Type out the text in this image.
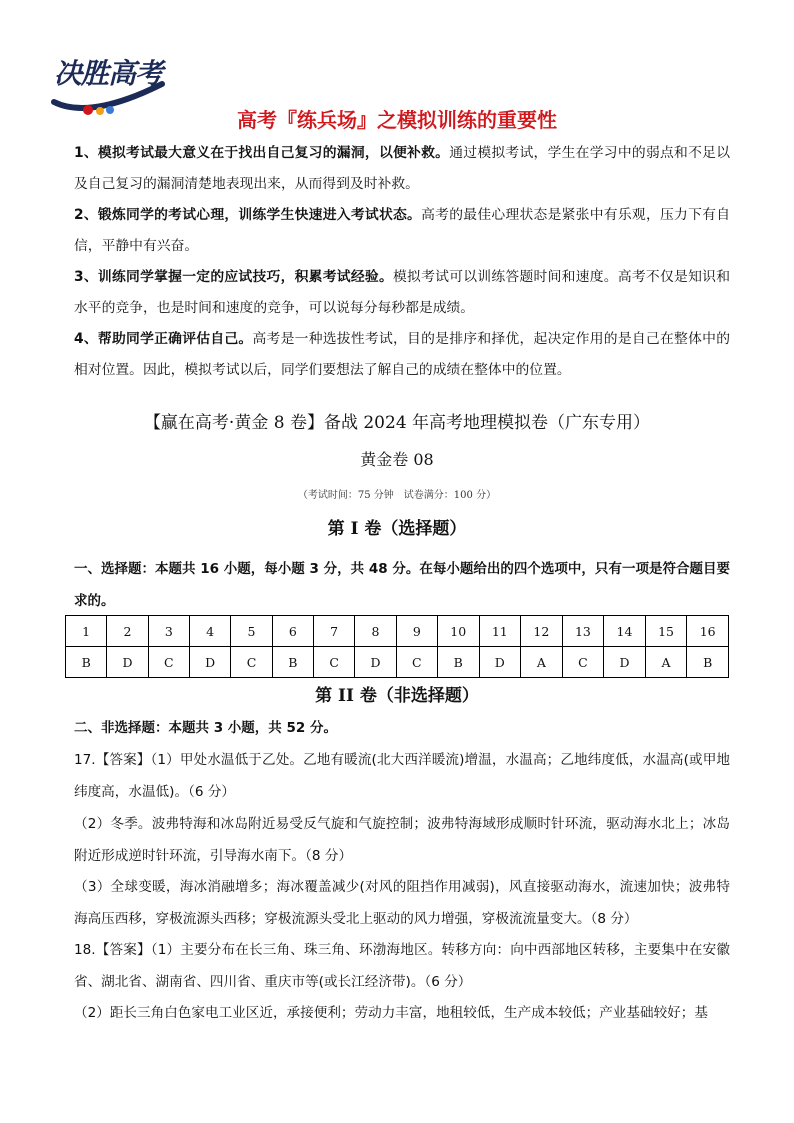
决胜高考
高考『练兵场』之模拟训练的重要性
1、模拟考试最大意义在于找出自己复习的漏洞，以便补救。通过模拟考试，学生在学习中的弱点和不足以及自己复习的漏洞清楚地表现出来，从而得到及时补救。
2、锻炼同学的考试心理，训练学生快速进入考试状态。高考的最佳心理状态是紧张中有乐观，压力下有自信，平静中有兴奋。
3、训练同学掌握一定的应试技巧，积累考试经验。模拟考试可以训练答题时间和速度。高考不仅是知识和水平的竞争，也是时间和速度的竞争，可以说每分每秒都是成绩。
4、帮助同学正确评估自己。高考是一种选拔性考试，目的是排序和择优，起决定作用的是自己在整体中的相对位置。因此，模拟考试以后，同学们要想法了解自己的成绩在整体中的位置。
【赢在高考·黄金 8 卷】备战 2024 年高考地理模拟卷（广东专用）
黄金卷 08
（考试时间：75 分钟　试卷满分：100 分）
第 I 卷（选择题）
一、选择题：本题共 16 小题，每小题 3 分，共 48 分。在每小题给出的四个选项中，只有一项是符合题目要求的。
1	2	3	4	5	6	7	8	9	10	11	12	13	14	15	16
B	D	C	D	C	B	C	D	C	B	D	A	C	D	A	B
第 II 卷（非选择题）
二、非选择题：本题共 3 小题，共 52 分。
17.【答案】（1）甲处水温低于乙处。乙地有暖流(北大西洋暖流)增温，水温高；乙地纬度低，水温高(或甲地纬度高，水温低)。（6 分）
（2）冬季。波弗特海和冰岛附近易受反气旋和气旋控制；波弗特海域形成顺时针环流，驱动海水北上；冰岛附近形成逆时针环流，引导海水南下。（8 分）
（3）全球变暖，海冰消融增多；海冰覆盖减少(对风的阻挡作用减弱)，风直接驱动海水，流速加快；波弗特海高压西移，穿极流源头西移；穿极流源头受北上驱动的风力增强，穿极流流量变大。（8 分）
18.【答案】（1）主要分布在长三角、珠三角、环渤海地区。转移方向：向中西部地区转移，主要集中在安徽省、湖北省、湖南省、四川省、重庆市等(或长江经济带)。（6 分）
（2）距长三角白色家电工业区近，承接便利；劳动力丰富，地租较低，生产成本较低；产业基础较好；基
